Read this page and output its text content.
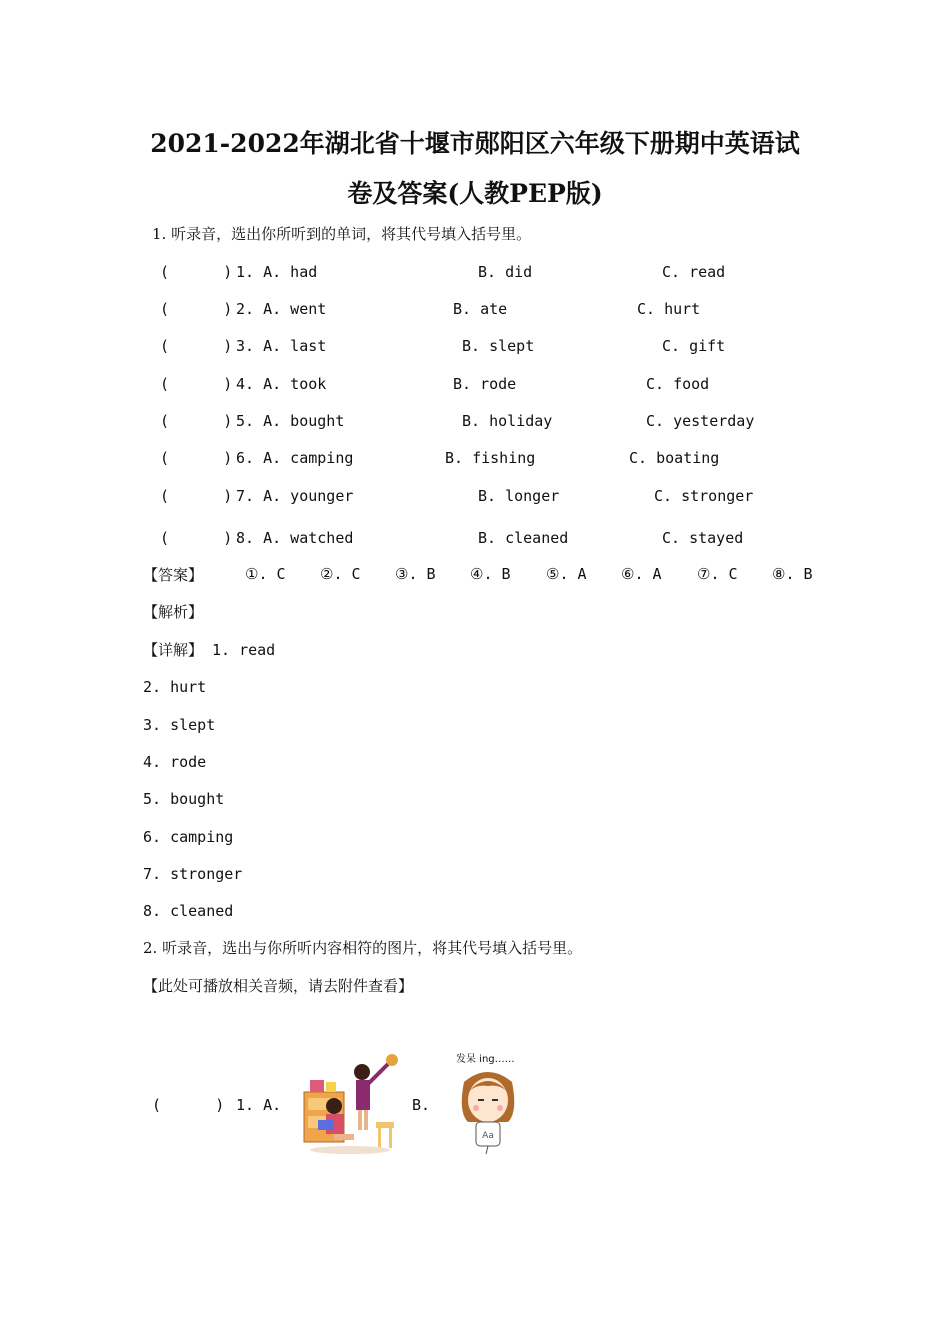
2021-2022年湖北省十堰市郧阳区六年级下册期中英语试
卷及答案(人教PEP版)
1. 听录音，选出你所听到的单词，将其代号填入括号里。
(      ) 1. A. had	B. did	C. read
(      ) 2. A. went	B. ate	C. hurt
(      ) 3. A. last	B. slept	C. gift
(      ) 4. A. took	B. rode	C. food
(      ) 5. A. bought	B. holiday	C. yesterday
(      ) 6. A. camping	B. fishing	C. boating
(      ) 7. A. younger	B. longer	C. stronger
(      ) 8. A. watched	B. cleaned	C. stayed
【答案】	①. C ②. C ③. B ④. B ⑤. A ⑥. A ⑦. C ⑧. B
【解析】
【详解】 1. read
2. hurt
3. slept
4. rode
5. bought
6. camping
7. stronger
8. cleaned
2. 听录音，选出与你所听内容相符的图片，将其代号填入括号里。
【此处可播放相关音频，请去附件查看】
(      ) 1. A.	B.
Aa
发呆 ing……
